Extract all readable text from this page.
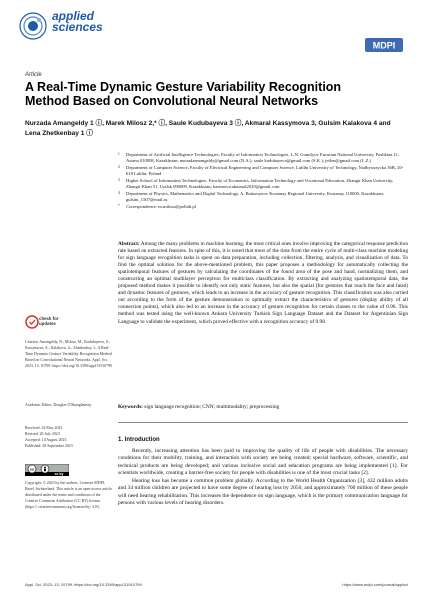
applied
sciences
MDPI
Article
A Real-Time Dynamic Gesture Variability Recognition Method Based on Convolutional Neural Networks
Nurzada Amangeldy 1 ⓘ, Marek Milosz 2,* ⓘ, Saule Kudubayeva 3 ⓘ, Akmaral Kassymova 3, Gulsim Kalakova 4 and Lena Zhetkenbay 1 ⓘ
1 Department of Artificial Intelligence Technologies, Faculty of Information Technologies, L.N. Gumilyov Eurasian National University, Pushkina 11, Astana 010008, Kazakhstan; nurzadaamangeldy@gmail.com (N.A.); saule.kudubayeva@gmail.com (S.K.); jetlen@gmail.com (L.Z.)
2 Department of Computer Science, Faculty of Electrical Engineering and Computer Science, Lublin University of Technology, Nadbystrzycka 36B, 20-618 Lublin, Poland
3 Higher School of Information Technologies, Faculty of Economics, Information Technology and Vocational Education, Zhangir Khan University, Zhangir Khan 51, Uralsk 090009, Kazakhstan; kasimova.akmaral2020@gmail.com
4 Department of Physics, Mathematics and Digital Technology, A. Baitursynov Kostanay Regional University, Kostanay 110000, Kazakhstan; gulsim_1507@mail.ru
* Correspondence: m.milosz@pollub.pl
Abstract: Among the many problems in machine learning, the most critical ones involve improving the categorical response prediction rate based on extracted features. In spite of this, it is noted that most of the time from the entire cycle of multi-class machine modeling for sign language recognition tasks is spent on data preparation, including collection, filtering, analysis, and visualization of data. To find the optimal solution for the above-mentioned problem, this paper proposes a methodology for automatically collecting the spatiotemporal features of gestures by calculating the coordinates of the found area of the pose and hand, normalizing them, and constructing an optimal multilayer perceptron for multiclass classification. By extracting and analyzing spatiotemporal data, the proposed method makes it possible to identify not only static features, but also the spatial (for gestures that touch the face and head) and dynamic features of gestures, which leads to an increase in the accuracy of gesture recognition. This classification was also carried out according to the form of the gesture demonstration to optimally extract the characteristics of gestures (display ability of all connection points), which also led to an increase in the accuracy of gesture recognition for certain classes to the value of 0.96. This method was tested using the well-known Ankara University Turkish Sign Language Dataset and the Dataset for Argentinian Sign Language to validate the experiment, which proved effective with a recognition accuracy of 0.98.
Keywords: sign language recognition; CNN; multimodality; preprocessing
check for
updates
Citation: Amangeldy, N.; Milosz, M.; Kudubayeva, S.; Kassymova, A.; Kalakova, G.; Zhetkenbay, L. A Real-Time Dynamic Gesture Variability Recognition Method Based on Convolutional Neural Networks. Appl. Sci. 2023, 13, 10799. https://doi.org/10.3390/app131910799
Academic Editor: Douglas O'Shaughnessy
Received: 24 May 2023
Revised: 20 July 2023
Accepted: 14 August 2023
Published: 28 September 2023
cc
cc by
Copyright: © 2023 by the authors. Licensee MDPI, Basel, Switzerland. This article is an open access article distributed under the terms and conditions of the Creative Commons Attribution (CC BY) license (https:// creativecommons.org/licenses/by/ 4.0/).
1. Introduction

Recently, increasing attention has been paid to improving the quality of life of people with disabilities. The necessary conditions for their mobility, training, and interaction with society are being created; special hardware, software, scientific, and technical products are being developed; and various inclusive social and education programs are being implemented [1]. For scientists worldwide, creating a barrier-free society for people with disabilities is one of the most crucial tasks [2].

Hearing loss has become a common problem globally. According to the World Health Organization [3], 432 million adults and 34 million children are projected to have some degree of hearing loss by 2050, and approximately 700 million of these people will need hearing rehabilitation. This increases the dependence on sign language, which is the primary communication language for persons with various levels of hearing disorders.

Appl. Sci. 2023, 13, 10799. https://doi.org/10.3390/app131910799	https://www.mdpi.com/journal/applsci
